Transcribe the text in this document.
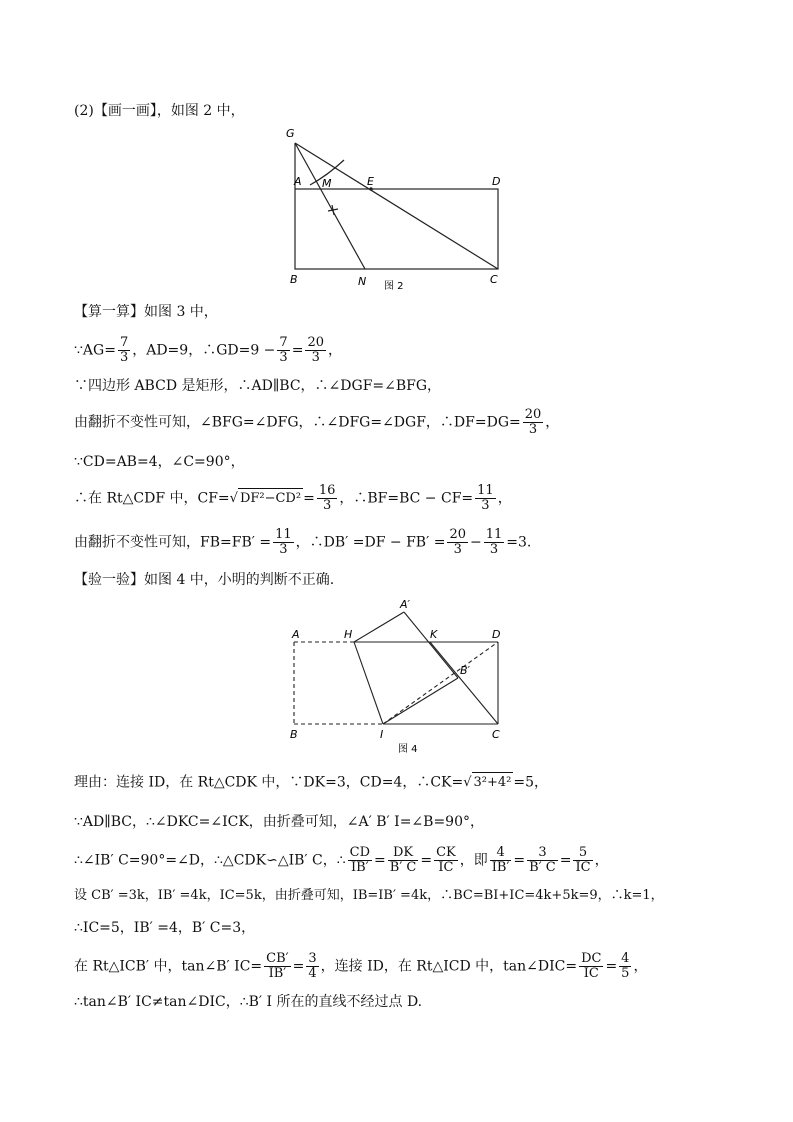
(2)【画一画】，如图 2 中，
G
A M	E	D
B	N	C
图 2
【算一算】如图 3 中，
∵AG= $\frac{7}{3}$ ，AD=9，∴GD=9 − $\frac{7}{3} = \frac{20}{3}$ ，
∵四边形 ABCD 是矩形，∴AD∥BC，∴∠DGF=∠BFG，
由翻折不变性可知，∠BFG=∠DFG，∴∠DFG=∠DGF，∴DF=DG= $\frac{20}{3}$ ，
∵CD=AB=4，∠C=90°，
∴在 Rt△CDF 中，CF=√ $DF^2-CD^2 = \frac{16}{3}$ ，∴BF=BC − $CF= \frac{11}{3}$ ，
由翻折不变性可知，$FB=FB' = \frac{11}{3}$ ，∴DB′ $=DF - FB' = \frac{20}{3} - \frac{11}{3} =3$.
【验一验】如图 4 中，小明的判断不正确.
A′
A	H	K	D
B′
B	I	C
图 4
理由：连接 ID，在 Rt△CDK 中，∵DK=3，CD=4，∴CK=√ 3²+4² =5，
∵AD∥BC，∴∠DKC=∠ICK，由折叠可知，∠A′ B′ I=∠B=90°，
∴∠IB′ C=90°=∠D，∴△CDK∽△IB′ C，∴ $\frac{CD}{IB'} = \frac{DK}{B' C} = \frac{CK}{IC}$ ，即 $\frac{4}{IB'} = \frac{3}{B' C} = \frac{5}{IC}$ ，
设 CB′ =3k，IB′ =4k，IC=5k，由折叠可知，IB=IB′ =4k，∴BC=BI+IC=4k+5k=9，∴k=1，
∴IC=5，IB′ =4，B′ C=3，
在 Rt△ICB′ 中，tan∠B′ $IC= \frac{CB'}{IB'} = \frac{3}{4}$ ，连接 ID，在 Rt△ICD 中，tan∠DIC= $\frac{DC}{IC} = \frac{4}{5}$ ，
∴tan∠B′ IC≠tan∠DIC，∴B′ I 所在的直线不经过点 D.
